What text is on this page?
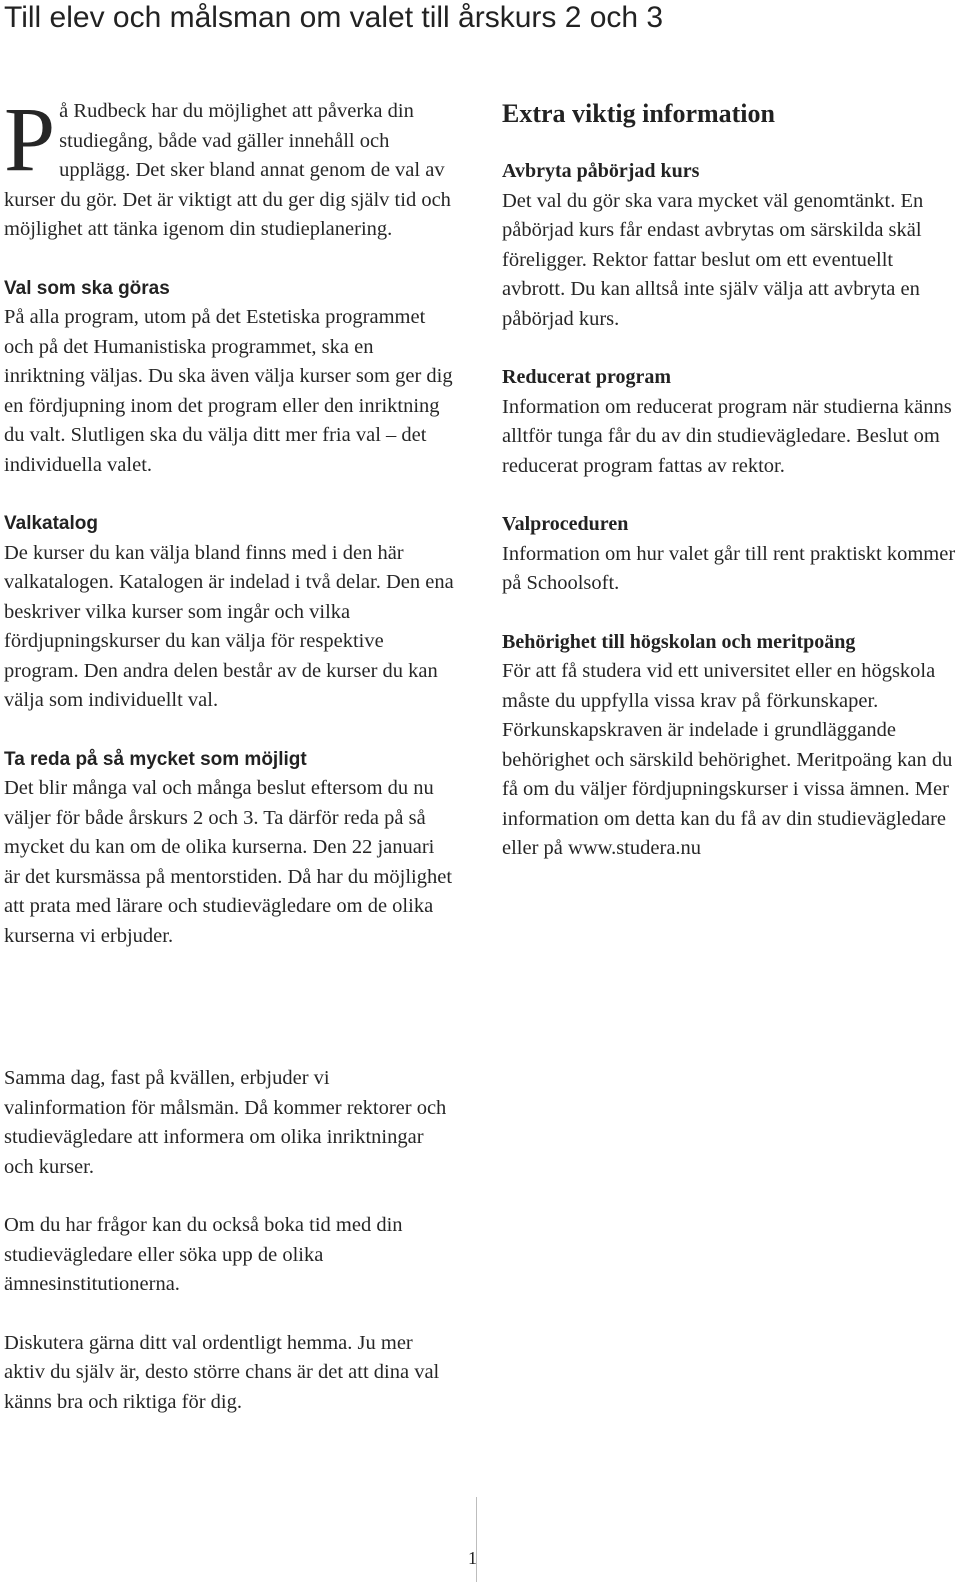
Till elev och målsman om valet till årskurs 2 och 3

På Rudbeck har du möjlighet att påverka din studiegång, både vad gäller innehåll och upplägg. Det sker bland annat genom de val av kurser du gör. Det är viktigt att du ger dig själv tid och möjlighet att tänka igenom din studieplanering.

Val som ska göras

På alla program, utom på det Estetiska programmet och på det Humanistiska programmet, ska en inriktning väljas. Du ska även välja kurser som ger dig en fördjupning inom det program eller den inriktning du valt. Slutligen ska du välja ditt mer fria val – det individuella valet.

Valkatalog

De kurser du kan välja bland finns med i den här valkatalogen. Katalogen är indelad i två delar. Den ena beskriver vilka kurser som ingår och vilka fördjupningskurser du kan välja för respektive program. Den andra delen består av de kurser du kan välja som individuellt val.

Ta reda på så mycket som möjligt

Det blir många val och många beslut eftersom du nu väljer för både årskurs 2 och 3. Ta därför reda på så mycket du kan om de olika kurserna. Den 22 januari är det kursmässa på mentorstiden. Då har du möjlighet att prata med lärare och studievägledare om de olika kurserna vi erbjuder.

Samma dag, fast på kvällen, erbjuder vi valinformation för målsmän. Då kommer rektorer och studievägledare att informera om olika inriktningar och kurser.

Om du har frågor kan du också boka tid med din studievägledare eller söka upp de olika ämnesinstitutionerna.

Diskutera gärna ditt val ordentligt hemma. Ju mer aktiv du själv är, desto större chans är det att dina val känns bra och riktiga för dig.

Extra viktig information
Avbryta påbörjad kurs

Det val du gör ska vara mycket väl genomtänkt. En påbörjad kurs får endast avbrytas om särskilda skäl föreligger. Rektor fattar beslut om ett eventuellt avbrott. Du kan alltså inte själv välja att avbryta en påbörjad kurs.

Reducerat program

Information om reducerat program när studierna känns alltför tunga får du av din studievägledare. Beslut om reducerat program fattas av rektor.

Valproceduren

Information om hur valet går till rent praktiskt kommer på Schoolsoft.

Behörighet till högskolan och meritpoäng

För att få studera vid ett universitet eller en högskola måste du uppfylla vissa krav på förkunskaper. Förkunskapskraven är indelade i grundläggande behörighet och särskild behörighet. Meritpoäng kan du få om du väljer fördjupningskurser i vissa ämnen. Mer information om detta kan du få av din studievägledare eller på www.studera.nu

1
